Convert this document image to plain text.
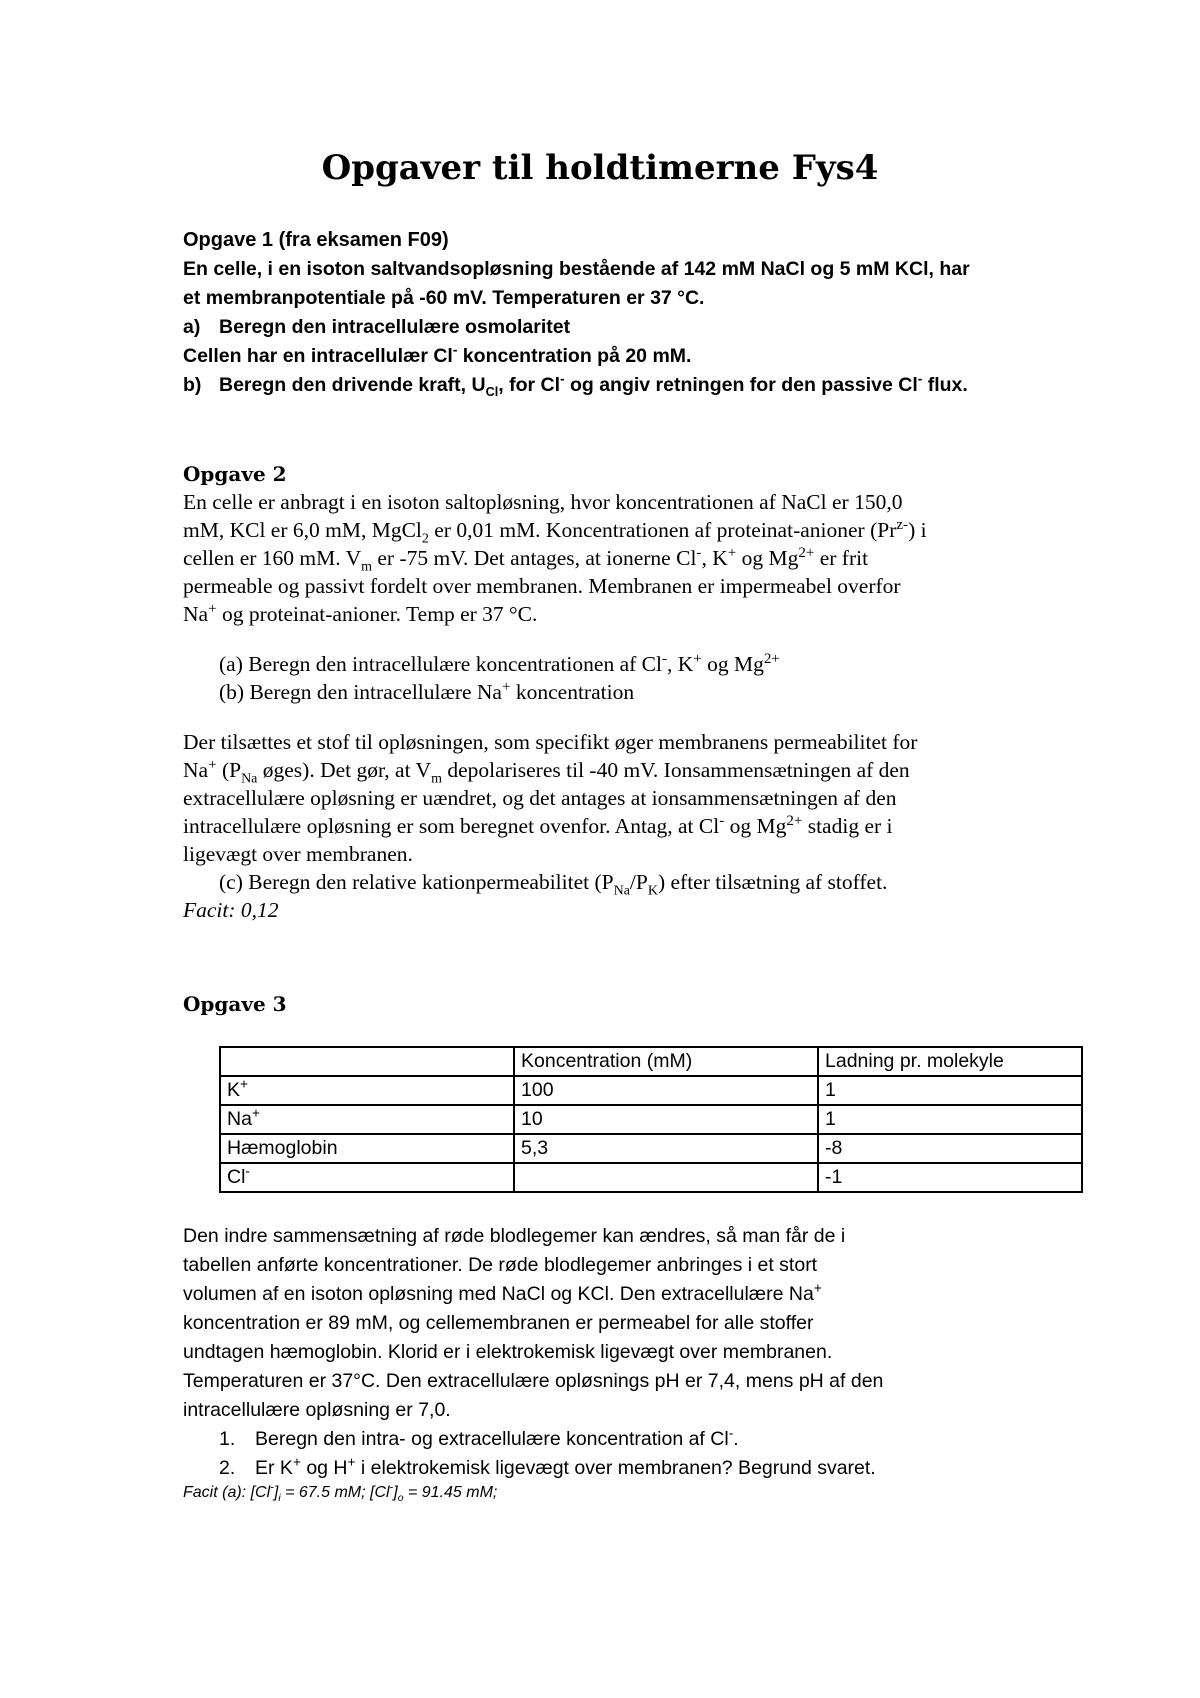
Opgaver til holdtimerne Fys4
Opgave 1 (fra eksamen F09)
En celle, i en isoton saltvandsopløsning bestående af 142 mM NaCl og 5 mM KCl, har
et membranpotentiale på -60 mV. Temperaturen er 37 °C.
a) Beregn den intracellulære osmolaritet
Cellen har en intracellulær Cl- koncentration på 20 mM.
b) Beregn den drivende kraft, $U_{Cl}$, for Cl- og angiv retningen for den passive Cl- flux.
Opgave 2
En celle er anbragt i en isoton saltopløsning, hvor koncentrationen af NaCl er 150,0
mM, KCl er 6,0 mM, MgCl$_2$ er 0,01 mM. Koncentrationen af proteinat-anioner $(Pr^{z-})$ i
cellen er 160 mM. $V_m$ er -75 mV. Det antages, at ionerne Cl-, K+ og $Mg^{2+}$ er frit
permeable og passivt fordelt over membranen. Membranen er impermeabel overfor
Na+ og proteinat-anioner. Temp er 37 °C.
(a) Beregn den intracellulære koncentrationen af Cl-, K+ og $Mg^{2+}$
(b) Beregn den intracellulære Na+ koncentration
Der tilsættes et stof til opløsningen, som specifikt øger membranens permeabilitet for
Na+ ($P_{Na}$ øges). Det gør, at $V_m$ depolariseres til -40 mV. Ionsammensætningen af den
extracellulære opløsning er uændret, og det antages at ionsammensætningen af den
intracellulære opløsning er som beregnet ovenfor. Antag, at Cl- og $Mg^{2+}$ stadig er i
ligevægt over membranen.
(c) Beregn den relative kationpermeabilitet $(P_{Na}/P_K)$ efter tilsætning af stoffet.
Facit: 0,12
Opgave 3
	Koncentration (mM)	Ladning pr. molekyle
K+	100	1
Na+	10	1
Hæmoglobin	5,3	-8
Cl-		-1
Den indre sammensætning af røde blodlegemer kan ændres, så man får de i
tabellen anførte koncentrationer. De røde blodlegemer anbringes i et stort
volumen af en isoton opløsning med NaCl og KCl. Den extracellulære Na+
koncentration er 89 mM, og cellemembranen er permeabel for alle stoffer
undtagen hæmoglobin. Klorid er i elektrokemisk ligevægt over membranen.
Temperaturen er 37°C. Den extracellulære opløsnings pH er 7,4, mens pH af den
intracellulære opløsning er 7,0.
1. Beregn den intra- og extracellulære koncentration af Cl-.
2. Er K+ og H+ i elektrokemisk ligevægt over membranen? Begrund svaret.
Facit (a): $[Cl^-]_i = 67.5$ mM; $[Cl^-]_o = 91.45$ mM;
